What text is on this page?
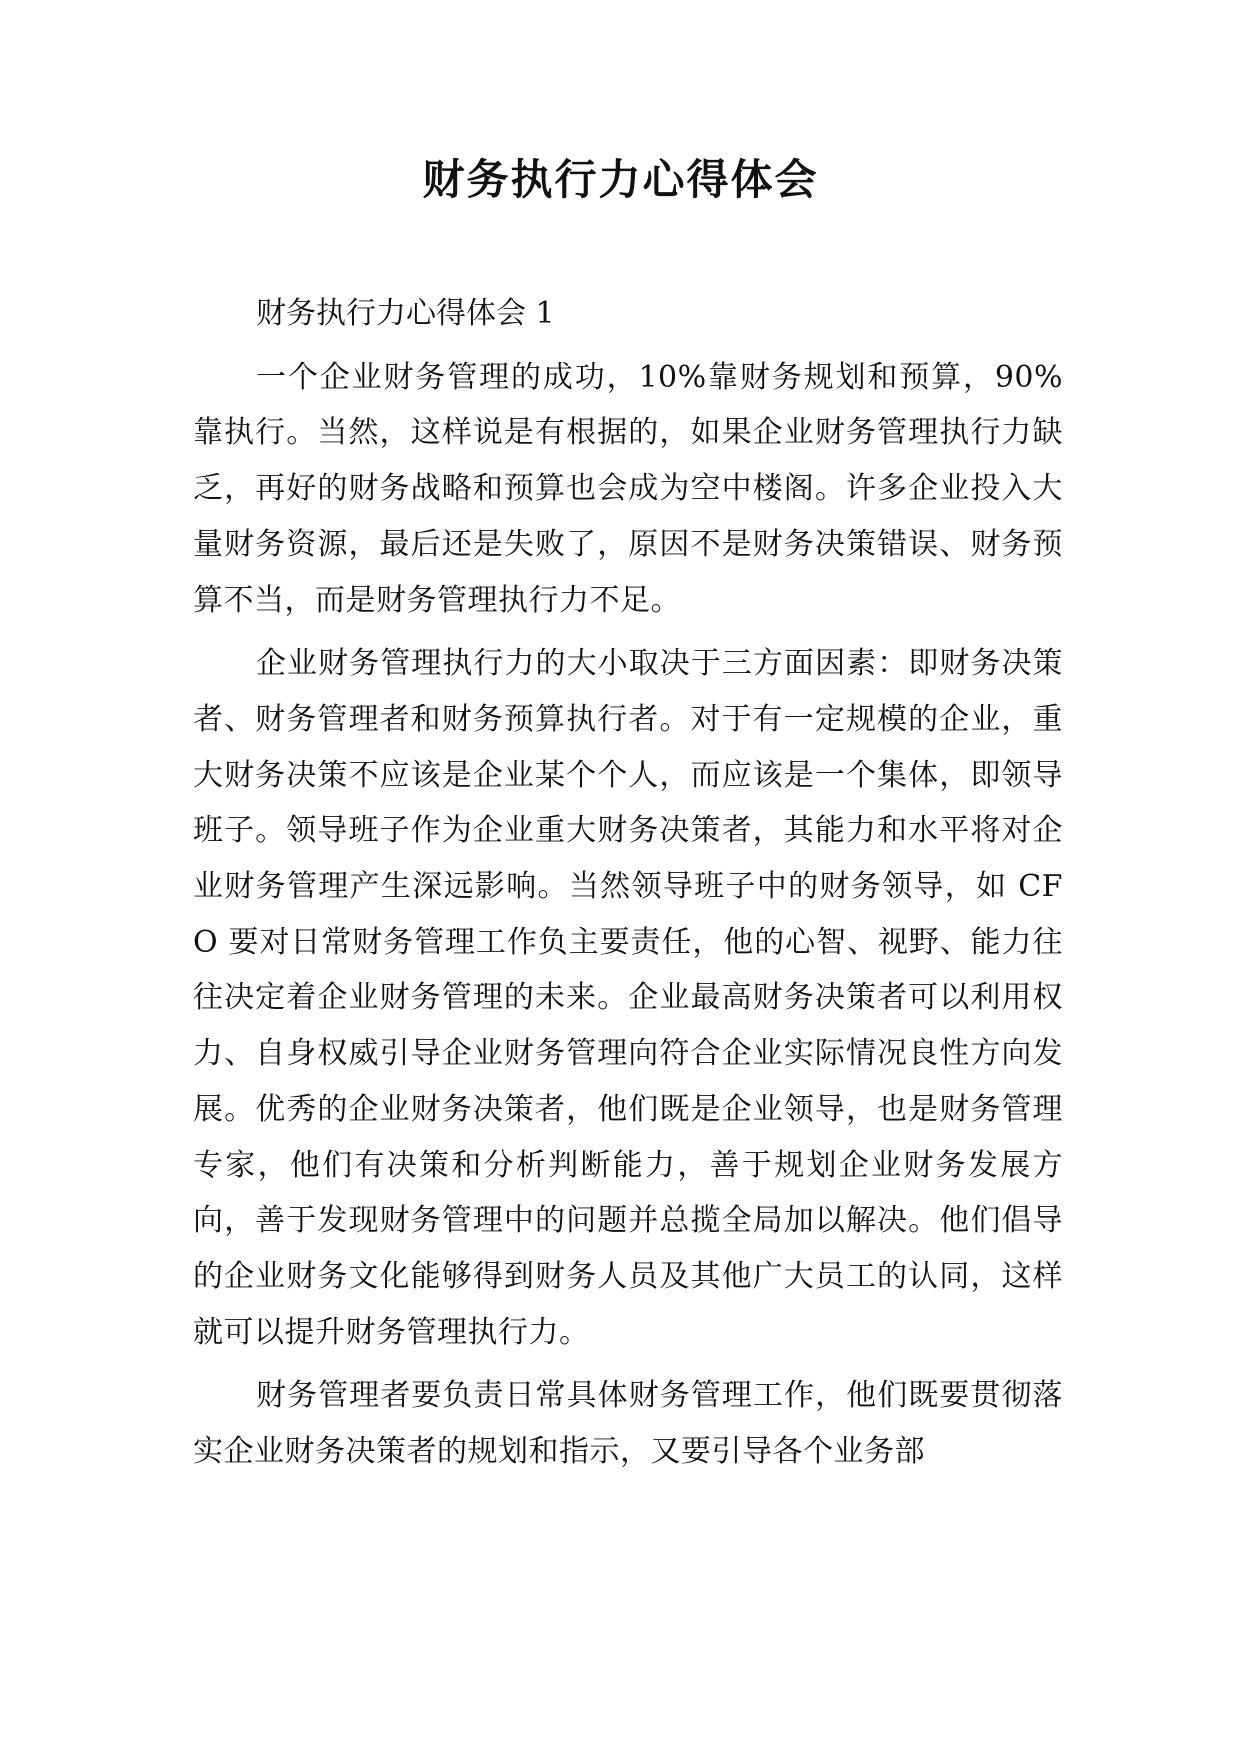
财务执行力心得体会

财务执行力心得体会 1

一个企业财务管理的成功，10%靠财务规划和预算，90%靠执行。当然，这样说是有根据的，如果企业财务管理执行力缺乏，再好的财务战略和预算也会成为空中楼阁。许多企业投入大量财务资源，最后还是失败了，原因不是财务决策错误、财务预算不当，而是财务管理执行力不足。

企业财务管理执行力的大小取决于三方面因素：即财务决策者、财务管理者和财务预算执行者。对于有一定规模的企业，重大财务决策不应该是企业某个个人，而应该是一个集体，即领导班子。领导班子作为企业重大财务决策者，其能力和水平将对企业财务管理产生深远影响。当然领导班子中的财务领导，如 CFO 要对日常财务管理工作负主要责任，他的心智、视野、能力往往决定着企业财务管理的未来。企业最高财务决策者可以利用权力、自身权威引导企业财务管理向符合企业实际情况良性方向发展。优秀的企业财务决策者，他们既是企业领导，也是财务管理专家，他们有决策和分析判断能力，善于规划企业财务发展方向，善于发现财务管理中的问题并总揽全局加以解决。他们倡导的企业财务文化能够得到财务人员及其他广大员工的认同，这样就可以提升财务管理执行力。

财务管理者要负责日常具体财务管理工作，他们既要贯彻落实企业财务决策者的规划和指示，又要引导各个业务部
